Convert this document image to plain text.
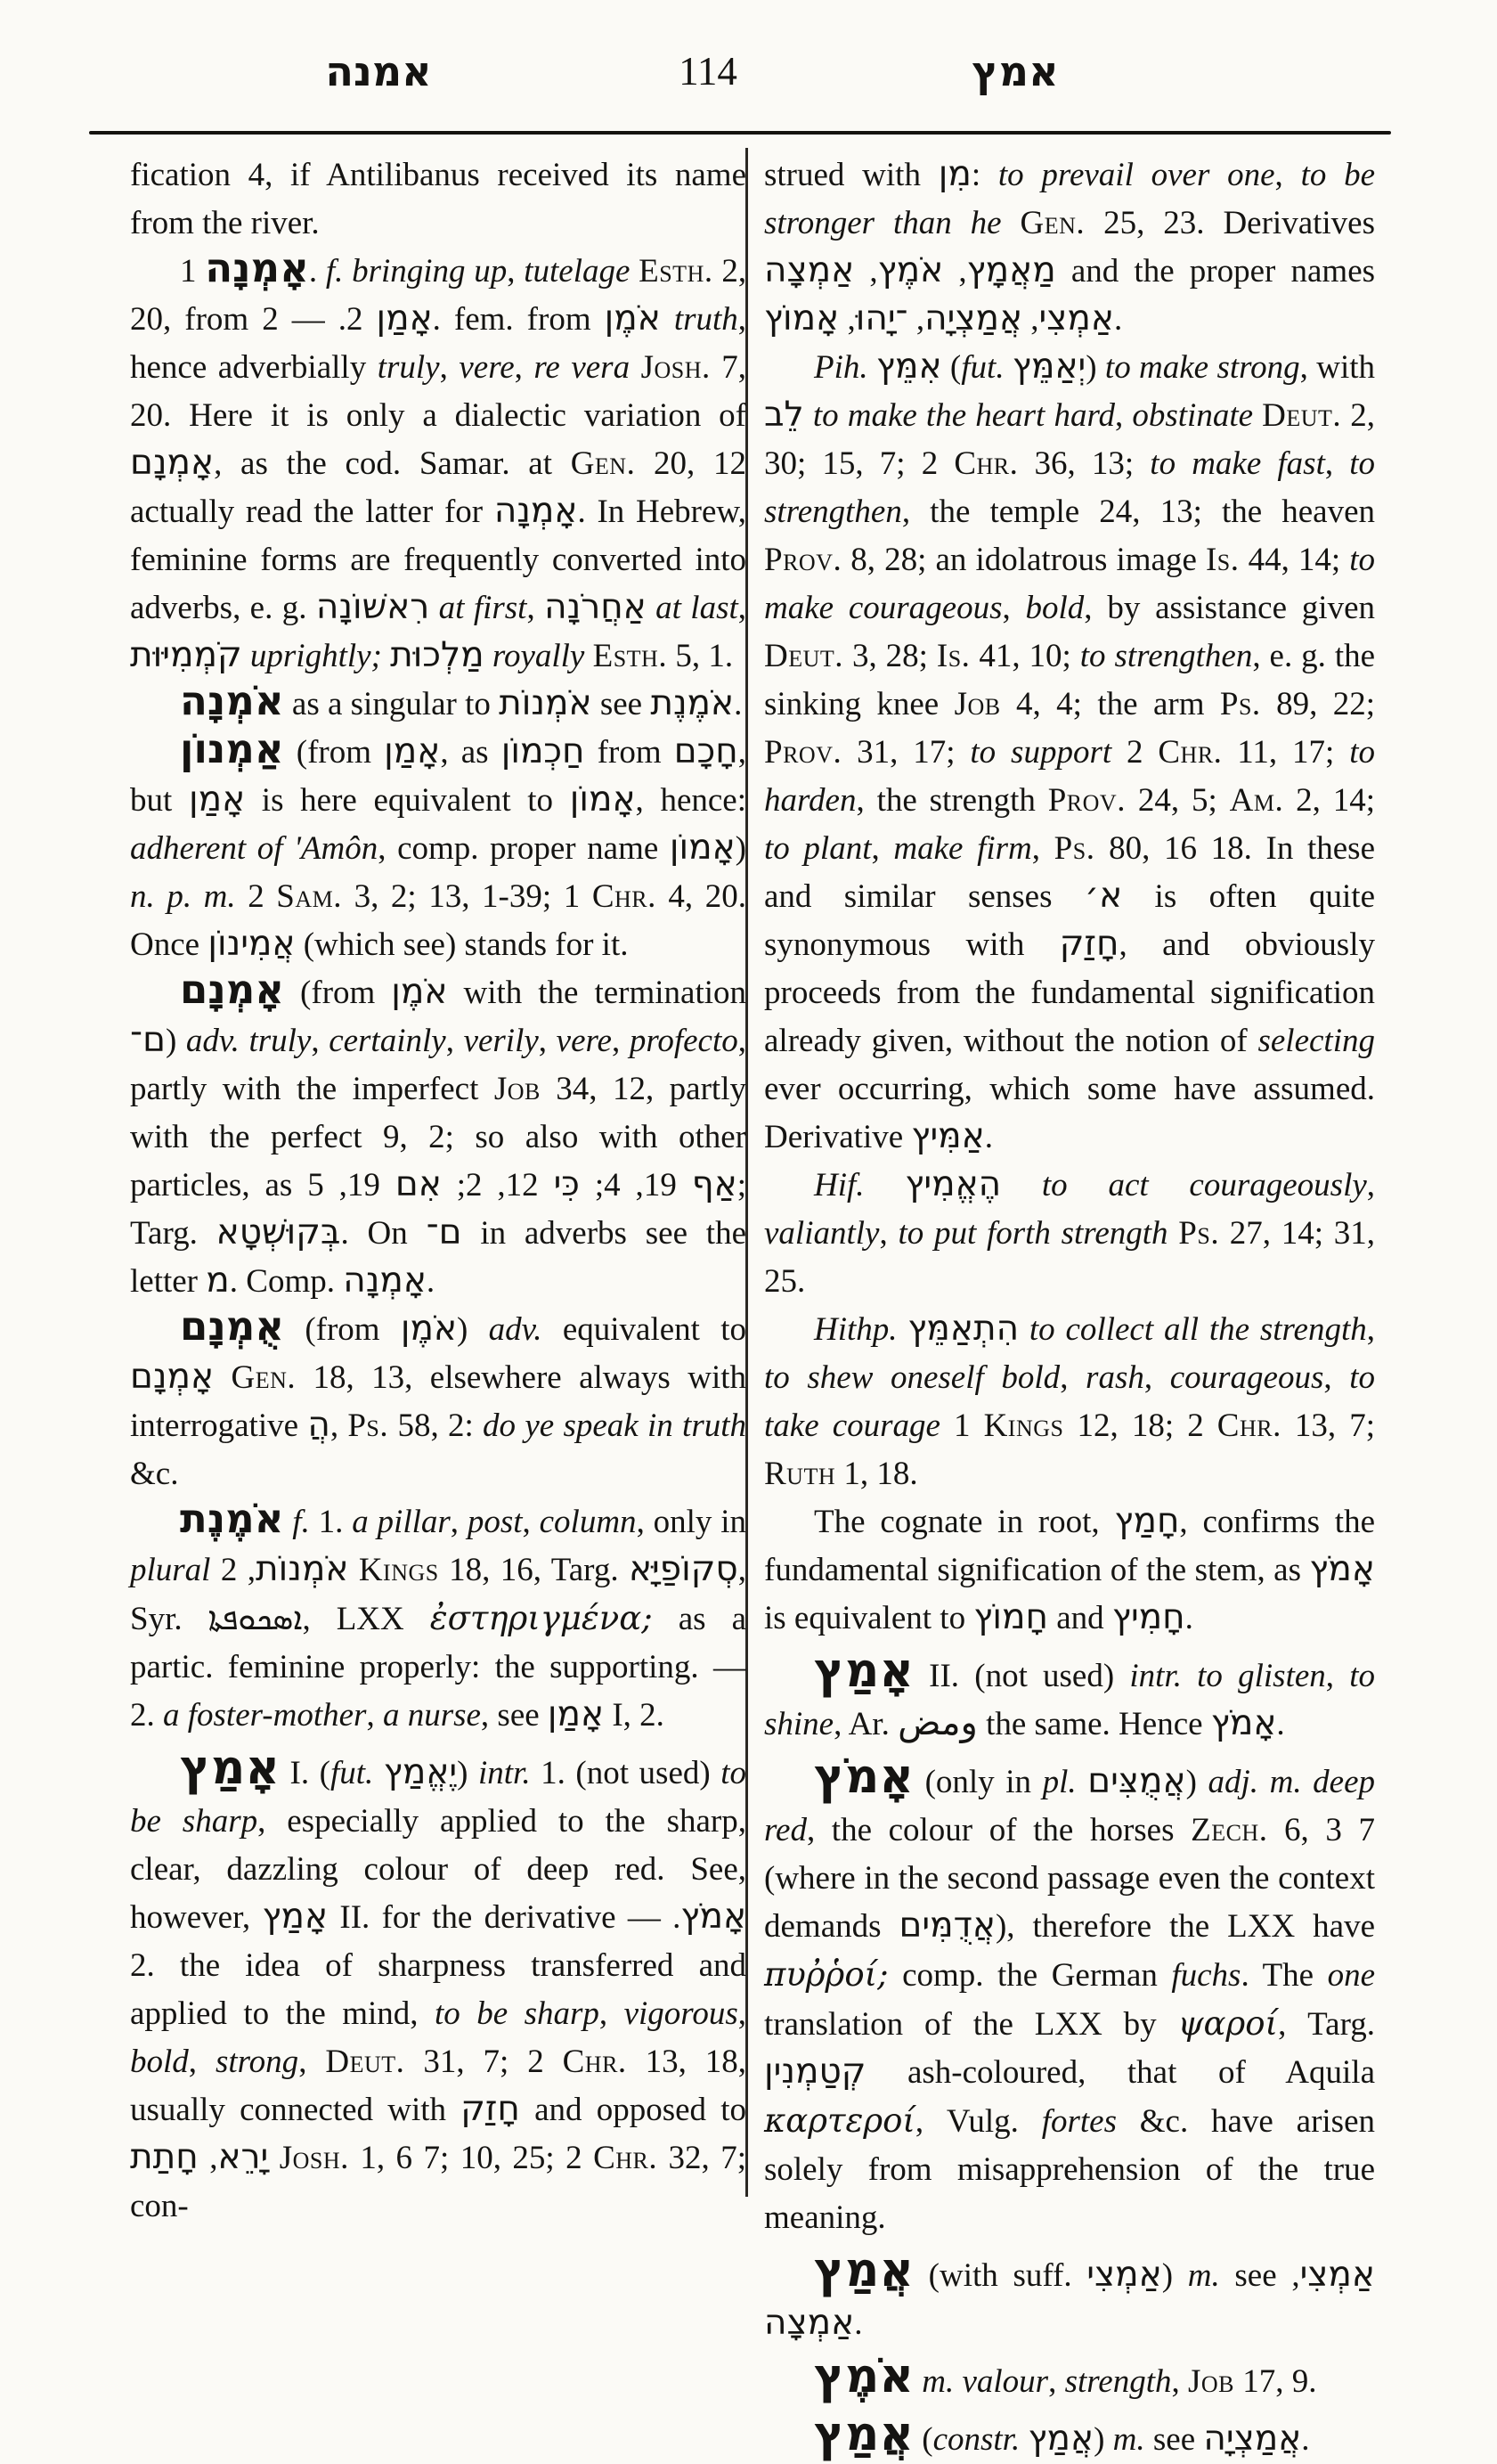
אמנה	114	אמץ

fication 4, if Antilibanus received its name from the river.

אָמְנָה 1. f. bringing up, tutelage Esth. 2, 20, from	אָמַן 2. — 2. fem. from אֹמֶן truth, hence adverbially truly, vere, re vera Josh. 7, 20. Here it is only a dialectic variation of אָמְנָם, as the cod. Samar. at Gen. 20, 12 actually read the latter for אָמְנָה. In Hebrew, feminine forms are frequently converted into adverbs, e. g. רִאשׁוֹנָה at first, אַחֲרֹנָה at last, קֹמְמִיּוּת uprightly; מַלְכוּת royally Esth. 5, 1.

אֹמְנָה as a singular to אֹמְנוֹת see אֹמֶנֶת.

אַמְנוֹן (from אָמַן, as חַכְמוֹן from חָכָם, but אָמַן is here equivalent to אָמוֹן, hence: adherent of 'Amôn, comp. proper name אָמוֹן) n. p. m. 2 Sam. 3, 2; 13, 1-39; 1 Chr. 4, 20. Once אֲמִינוֹן (which see) stands for it.

אָמְנָם (from אֹמֶן with the termination ם־) adv. truly, certainly, verily, vere, profecto, partly with the imperfect Job 34, 12, partly with the perfect 9, 2; so also with other particles, as	אַף 19, 4; כִּי 12, 2; אִם 19, 5; Targ. בְּקוּשְׁטָא. On ם־ in adverbs see the letter מ. Comp. אָמְנָה.

אֻמְנָם (from אֹמֶן) adv. equivalent to אָמְנָם Gen. 18, 13, elsewhere always with interrogative הֲ, Ps. 58, 2: do ye speak in truth &c.

אֹמֶנֶת f. 1. a pillar, post, column, only in plural אֹמְנוֹת, 2 Kings 18, 16, Targ. סְקוֹפַיָּא, Syr. ܐܣܟܘܦܬܐ, LXX ἐστηριγμένα; as a partic. feminine properly: the supporting. — 2. a foster-mother, a nurse, see אָמַן I, 2.

אָמַץ I. (fut. יֶאֱמַץ) intr. 1. (not used) to be sharp, especially applied to the sharp, clear, dazzling colour of deep red. See, however, אָמַץ II. for the derivative אָמֹץ. — 2. the idea of sharpness transferred and applied to the mind, to be sharp, vigorous, bold, strong, Deut. 31, 7; 2 Chr. 13, 18, usually connected with חָזַק and opposed to יָרֵא, חָתַת Josh. 1, 6 7; 10, 25; 2 Chr. 32, 7; con-

strued with מִן: to prevail over one, to be stronger than he Gen. 25, 23. Derivatives מַאֲמָץ, אֹמֶץ, אַמְצָה	and the proper names אַמְצִי, אֲמַצְיָה, ־יָהוּ, אָמוֹץ	.

Pih. אִמֵּץ (fut. יְאַמֵּץ) to make strong, with לֵב to make the heart hard, obstinate Deut. 2, 30; 15, 7; 2 Chr. 36, 13; to make fast, to strengthen, the temple 24, 13; the heaven Prov. 8, 28; an idolatrous image Is. 44, 14; to make courageous, bold, by assistance given Deut. 3, 28; Is. 41, 10; to strengthen, e. g. the sinking knee Job 4, 4; the arm Ps. 89, 22; Prov. 31, 17; to support 2 Chr. 11, 17; to harden, the strength Prov. 24, 5; Am. 2, 14; to plant, make firm, Ps. 80, 16 18. In these and similar senses א׳ is often quite synonymous with חָזַק, and obviously proceeds from the fundamental signification already given, without the notion of selecting ever occurring, which some have assumed. Derivative אַמִּיץ.

Hif. הֶאֱמִיץ to act courageously, valiantly, to put forth strength Ps. 27, 14; 31, 25.

Hithp. הִתְאַמֵּץ to collect all the strength, to shew oneself bold, rash, courageous, to take courage 1 Kings 12, 18; 2 Chr. 13, 7; Ruth 1, 18.

The cognate in root, חָמַץ, confirms the fundamental signification of the stem, as אָמֹץ is equivalent to חָמוֹץ and חָמִיץ.

אָמַץ II. (not used) intr. to glisten, to shine, Ar. ومض the same. Hence אָמֹץ.

אָמֹץ (only in pl. אֲמֻצִּים) adj. m. deep red, the colour of the horses Zech. 6, 3 7 (where in the second passage even the context demands אֲדֻמִּים), therefore the LXX have πυῤῥοί; comp. the German fuchs. The one translation of the LXX by ψαροί, Targ. קְטַמְנִין ash-coloured, that of Aquila καρτεροί, Vulg. fortes &c. have arisen solely from misapprehension of the true meaning.

אֲמַץ (with suff. אַמְצִי) m. see אַמְצִי, אַמְצָה.

אֹמֶץ m. valour, strength, Job 17, 9.

אֲמַץ (constr. אֲמַץ) m. see אֲמַצְיָה.
